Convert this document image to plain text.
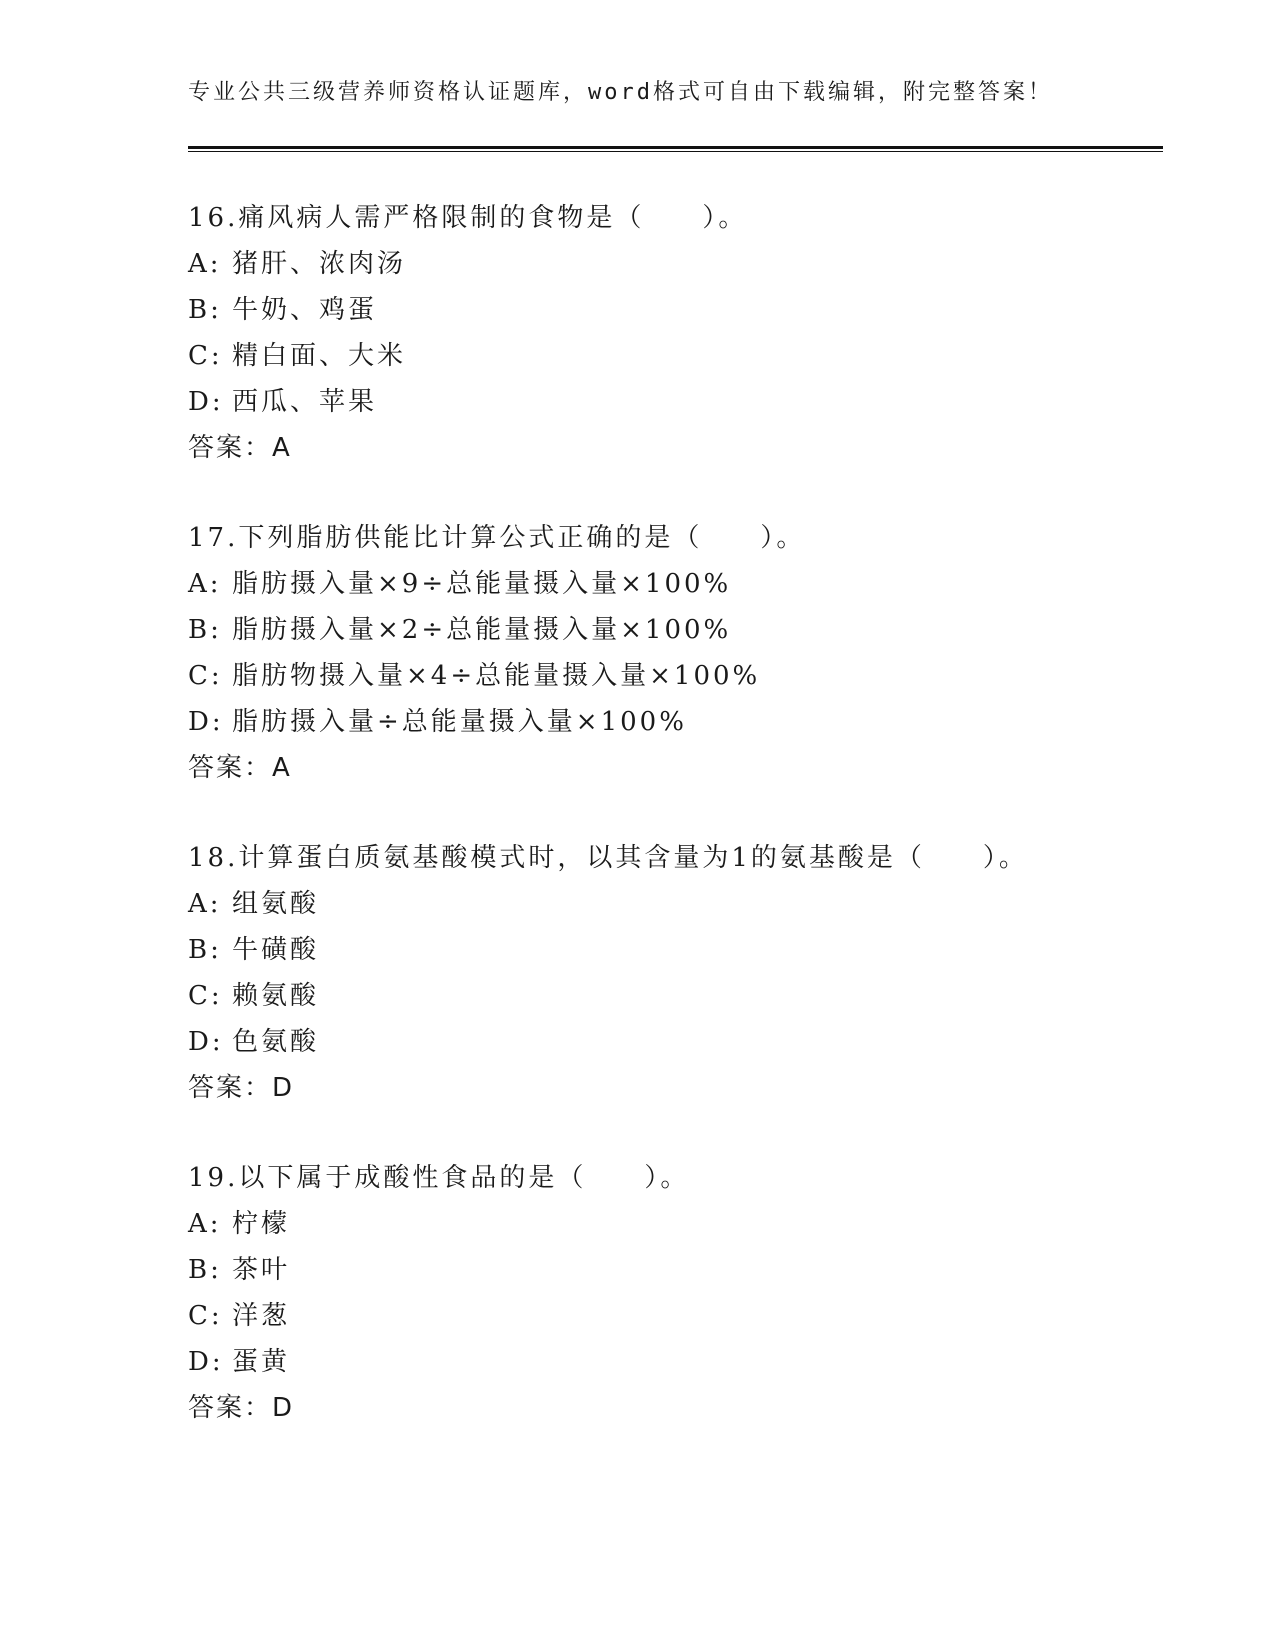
专业公共三级营养师资格认证题库，word格式可自由下载编辑，附完整答案！
16.痛风病人需严格限制的食物是（　　）。
A: 猪肝、浓肉汤
B: 牛奶、鸡蛋
C: 精白面、大米
D: 西瓜、苹果
答案：A
17.下列脂肪供能比计算公式正确的是（　　）。
A: 脂肪摄入量×9÷总能量摄入量×100%
B: 脂肪摄入量×2÷总能量摄入量×100%
C: 脂肪物摄入量×4÷总能量摄入量×100%
D: 脂肪摄入量÷总能量摄入量×100%
答案：A
18.计算蛋白质氨基酸模式时，以其含量为1的氨基酸是（　　）。
A: 组氨酸
B: 牛磺酸
C: 赖氨酸
D: 色氨酸
答案：D
19.以下属于成酸性食品的是（　　）。
A: 柠檬
B: 茶叶
C: 洋葱
D: 蛋黄
答案：D
